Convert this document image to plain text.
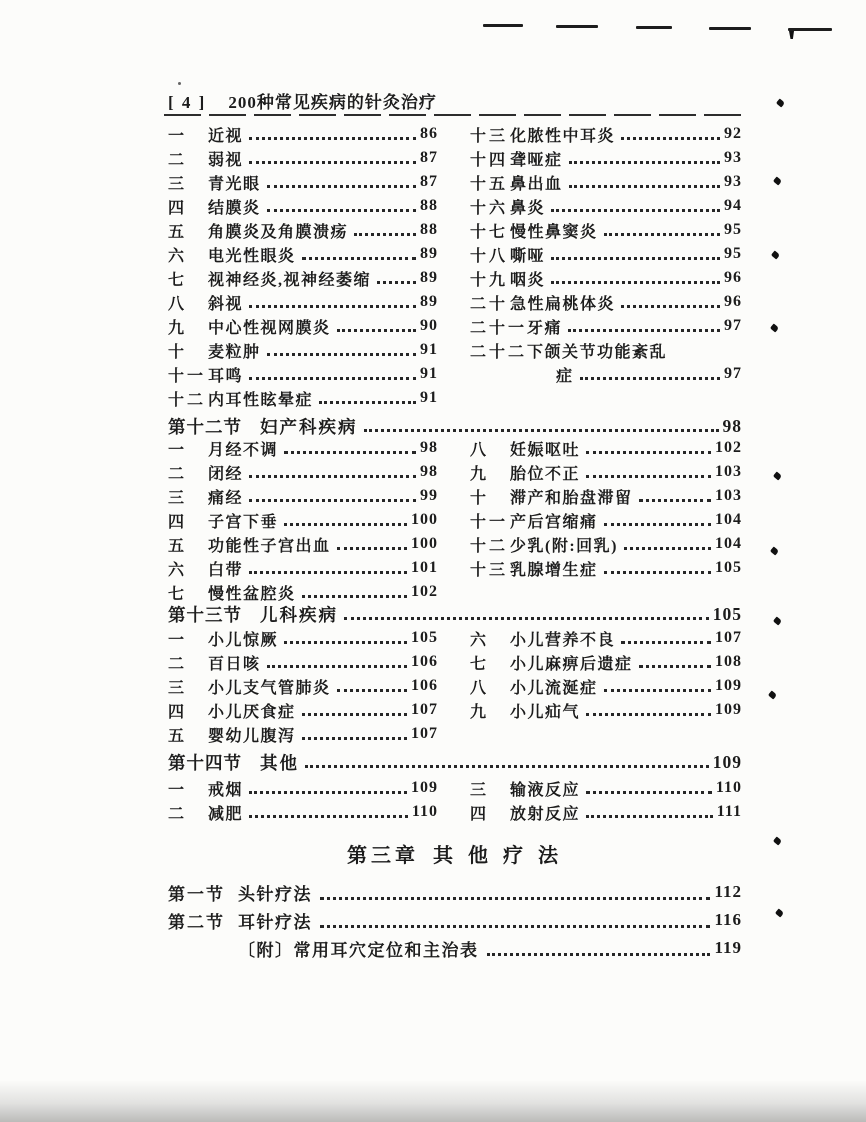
[ 4 ] 200种常见疾病的针灸治疗
一	近视	86
二	弱视	87
三	青光眼	87
四	结膜炎	88
五	角膜炎及角膜溃疡	88
六	电光性眼炎	89
七	视神经炎,视神经萎缩	89
八	斜视	89
九	中心性视网膜炎	90
十	麦粒肿	91
十一 耳鸣	91
十二 内耳性眩晕症	91
十三 化脓性中耳炎	92
十四 聋哑症	93
十五 鼻出血	93
十六 鼻炎	94
十七 慢性鼻窦炎	95
十八 嘶哑	95
十九 咽炎	96
二十 急性扁桃体炎	96
二十一 牙痛	97
二十二 下颌关节功能紊乱
症	97
第十二节 妇产科疾病	98
一	月经不调	98
二	闭经	98
三	痛经	99
四	子宫下垂	100
五	功能性子宫出血	100
六	白带	101
七	慢性盆腔炎	102
八	妊娠呕吐	102
九	胎位不正	103
十	滞产和胎盘滞留	103
十一 产后宫缩痛	104
十二 少乳(附:回乳)	104
十三 乳腺增生症	105
第十三节 儿科疾病	105
一	小儿惊厥	105
二	百日咳	106
三	小儿支气管肺炎	106
四	小儿厌食症	107
五	婴幼儿腹泻	107
六	小儿营养不良	107
七	小儿麻痹后遗症	108
八	小儿流涎症	109
九	小儿疝气	109
第十四节 其他	109
一	戒烟	109
二	减肥	110
三	输液反应	110
四	放射反应	111
第三章 其 他 疗 法
第一节 头针疗法	112
第二节 耳针疗法	116
〔附〕常用耳穴定位和主治表	119
